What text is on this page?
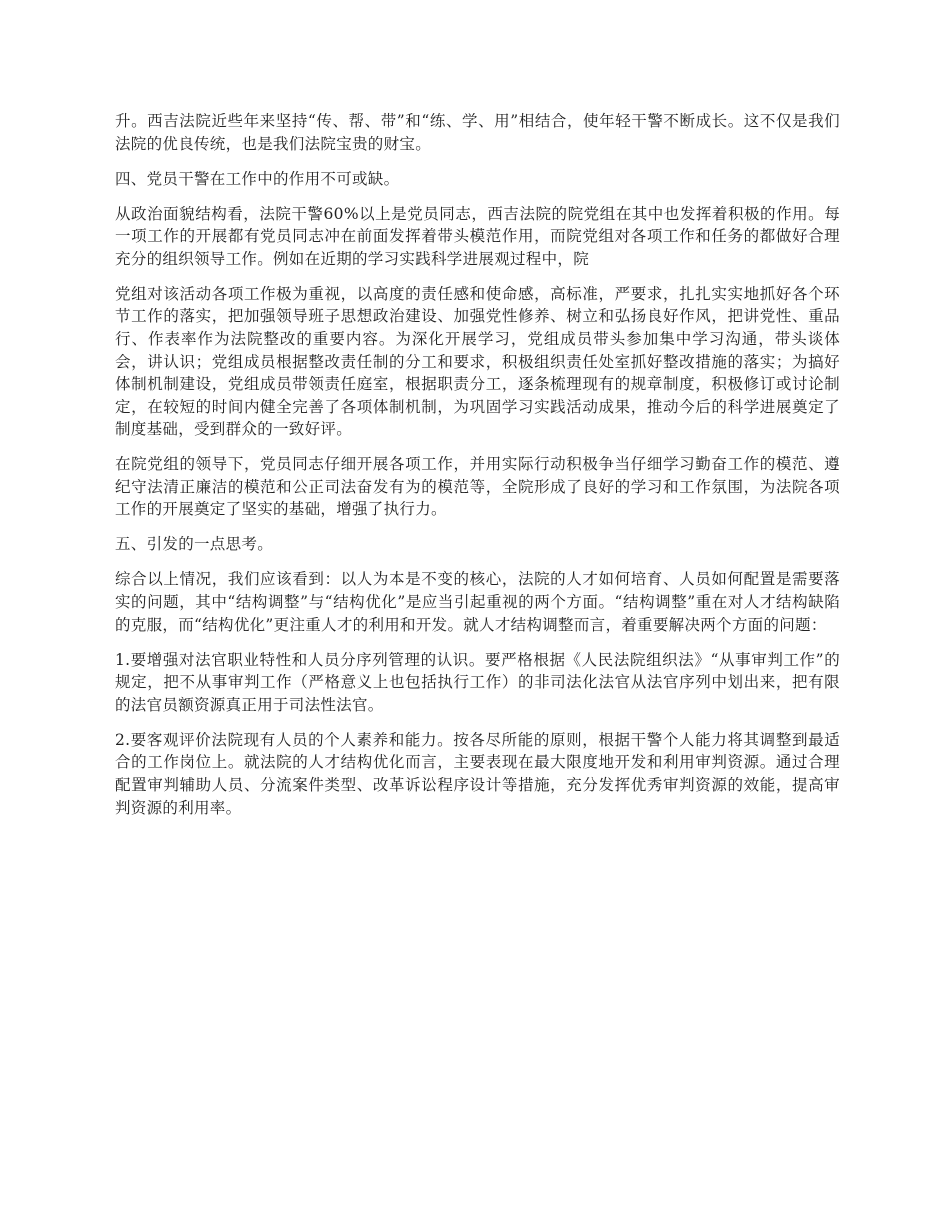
升。西吉法院近些年来坚持“传、帮、带”和“练、学、用”相结合，使年轻干警不断成长。这不仅是我们法院的优良传统，也是我们法院宝贵的财宝。

四、党员干警在工作中的作用不可或缺。

从政治面貌结构看，法院干警60%以上是党员同志，西吉法院的院党组在其中也发挥着积极的作用。每一项工作的开展都有党员同志冲在前面发挥着带头模范作用，而院党组对各项工作和任务的都做好合理充分的组织领导工作。例如在近期的学习实践科学进展观过程中，院

党组对该活动各项工作极为重视，以高度的责任感和使命感，高标准，严要求，扎扎实实地抓好各个环节工作的落实，把加强领导班子思想政治建设、加强党性修养、树立和弘扬良好作风，把讲党性、重品行、作表率作为法院整改的重要内容。为深化开展学习，党组成员带头参加集中学习沟通，带头谈体会，讲认识；党组成员根据整改责任制的分工和要求，积极组织责任处室抓好整改措施的落实；为搞好体制机制建设，党组成员带领责任庭室，根据职责分工，逐条梳理现有的规章制度，积极修订或讨论制定，在较短的时间内健全完善了各项体制机制，为巩固学习实践活动成果，推动今后的科学进展奠定了制度基础，受到群众的一致好评。

在院党组的领导下，党员同志仔细开展各项工作，并用实际行动积极争当仔细学习勤奋工作的模范、遵纪守法清正廉洁的模范和公正司法奋发有为的模范等，全院形成了良好的学习和工作氛围，为法院各项工作的开展奠定了坚实的基础，增强了执行力。

五、引发的一点思考。

综合以上情况，我们应该看到：以人为本是不变的核心，法院的人才如何培育、人员如何配置是需要落实的问题，其中“结构调整”与“结构优化”是应当引起重视的两个方面。“结构调整”重在对人才结构缺陷的克服，而“结构优化”更注重人才的利用和开发。就人才结构调整而言，着重要解决两个方面的问题：

1.要增强对法官职业特性和人员分序列管理的认识。要严格根据《人民法院组织法》“从事审判工作”的规定，把不从事审判工作（严格意义上也包括执行工作）的非司法化法官从法官序列中划出来，把有限的法官员额资源真正用于司法性法官。

2.要客观评价法院现有人员的个人素养和能力。按各尽所能的原则，根据干警个人能力将其调整到最适合的工作岗位上。就法院的人才结构优化而言，主要表现在最大限度地开发和利用审判资源。通过合理配置审判辅助人员、分流案件类型、改革诉讼程序设计等措施，充分发挥优秀审判资源的效能，提高审判资源的利用率。
